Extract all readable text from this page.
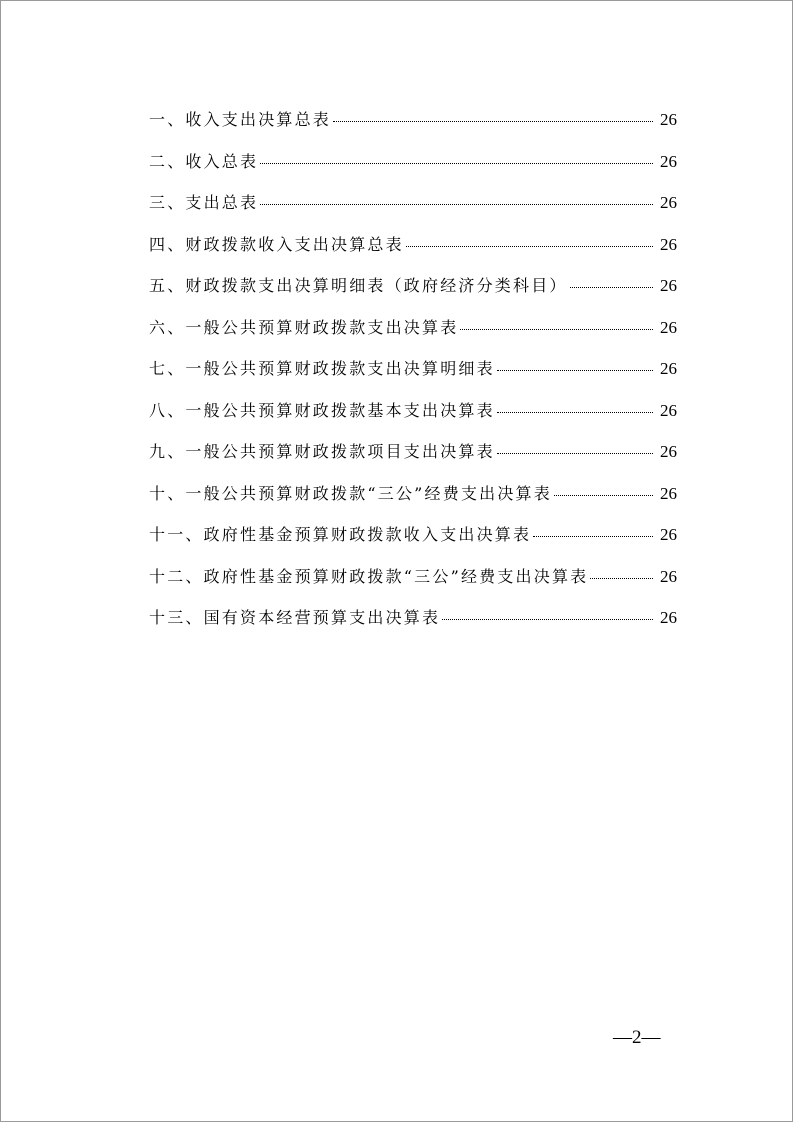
一、收入支出决算总表	26
二、收入总表	26
三、支出总表	26
四、财政拨款收入支出决算总表	26
五、财政拨款支出决算明细表（政府经济分类科目）	26
六、一般公共预算财政拨款支出决算表	26
七、一般公共预算财政拨款支出决算明细表	26
八、一般公共预算财政拨款基本支出决算表	26
九、一般公共预算财政拨款项目支出决算表	26
十、一般公共预算财政拨款“三公”经费支出决算表	26
十一、政府性基金预算财政拨款收入支出决算表	26
十二、政府性基金预算财政拨款“三公”经费支出决算表	26
十三、国有资本经营预算支出决算表	26
—2—
